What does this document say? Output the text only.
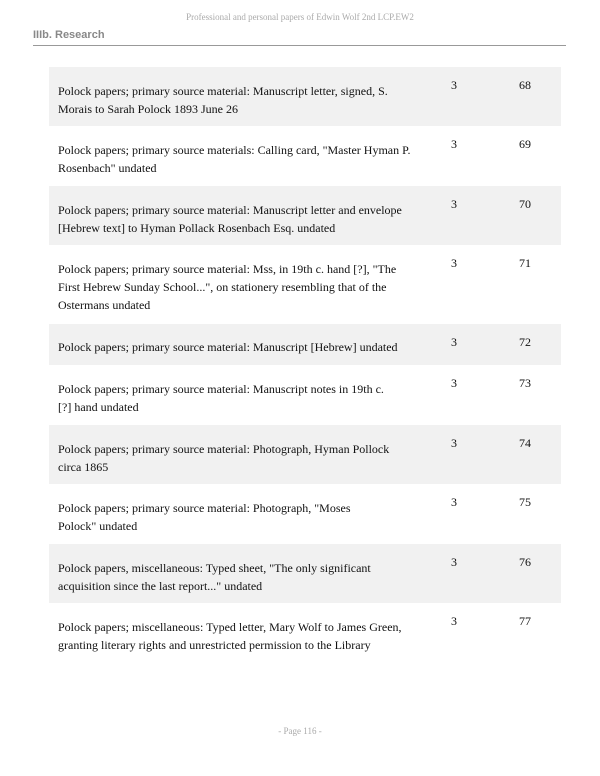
Professional and personal papers of Edwin Wolf 2nd LCP.EW2
IIIb. Research
Polock papers; primary source material: Manuscript letter, signed, S. Morais to Sarah Polock 1893 June 26
3	68
Polock papers; primary source materials: Calling card, "Master Hyman P. Rosenbach" undated
3	69
Polock papers; primary source material: Manuscript letter and envelope [Hebrew text] to Hyman Pollack Rosenbach Esq. undated
3	70
Polock papers; primary source material: Mss, in 19th c. hand [?], "The First Hebrew Sunday School...", on stationery resembling that of the Ostermans undated
3	71
Polock papers; primary source material: Manuscript [Hebrew] undated	3	72
Polock papers; primary source material: Manuscript notes in 19th c. [?] hand undated
3	73
Polock papers; primary source material: Photograph, Hyman Pollock circa 1865
3	74
Polock papers; primary source material: Photograph, "Moses Polock" undated
3	75
Polock papers, miscellaneous: Typed sheet, "The only significant acquisition since the last report..." undated
3	76
Polock papers; miscellaneous: Typed letter, Mary Wolf to James Green, granting literary rights and unrestricted permission to the Library
3	77
- Page 116 -
